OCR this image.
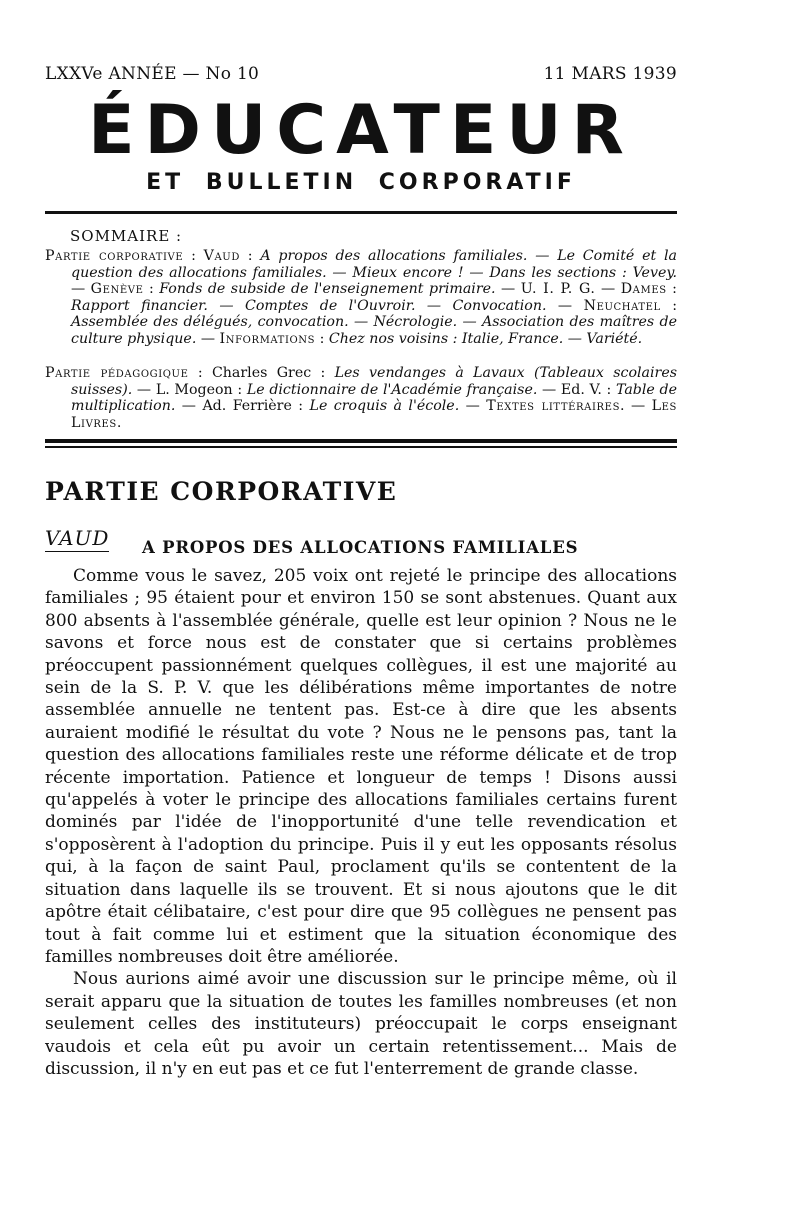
LXXVe ANNÉE — No 10	11 MARS 1939
ÉDUCATEUR
ET BULLETIN CORPORATIF
SOMMAIRE :

Partie corporative : Vaud : A propos des allocations familiales. — Le Comité et la question des allocations familiales. — Mieux encore ! — Dans les sections : Vevey. — Genève : Fonds de subside de l'enseignement primaire. — U. I. P. G. — Dames : Rapport financier. — Comptes de l'Ouvroir. — Convocation. — Neuchatel : Assemblée des délégués, convocation. — Nécrologie. — Association des maîtres de culture physique. — Informations : Chez nos voisins : Italie, France. — Variété.

Partie pédagogique : Charles Grec : Les vendanges à Lavaux (Tableaux scolaires suisses). — L. Mogeon : Le dictionnaire de l'Académie française. — Ed. V. : Table de multiplication. — Ad. Ferrière : Le croquis à l'école. — Textes littéraires. — Les Livres.

PARTIE CORPORATIVE
VAUD A PROPOS DES ALLOCATIONS FAMILIALES

Comme vous le savez, 205 voix ont rejeté le principe des allocations familiales ; 95 étaient pour et environ 150 se sont abstenues. Quant aux 800 absents à l'assemblée générale, quelle est leur opinion ? Nous ne le savons et force nous est de constater que si certains problèmes préoccupent passionnément quelques collègues, il est une majorité au sein de la S. P. V. que les délibérations même importantes de notre assemblée annuelle ne tentent pas. Est-ce à dire que les absents auraient modifié le résultat du vote ? Nous ne le pensons pas, tant la question des allocations familiales reste une réforme délicate et de trop récente importation. Patience et longueur de temps ! Disons aussi qu'appelés à voter le principe des allocations familiales certains furent dominés par l'idée de l'inopportunité d'une telle revendication et s'opposèrent à l'adoption du principe. Puis il y eut les opposants résolus qui, à la façon de saint Paul, proclament qu'ils se contentent de la situation dans laquelle ils se trouvent. Et si nous ajoutons que le dit apôtre était célibataire, c'est pour dire que 95 collègues ne pensent pas tout à fait comme lui et estiment que la situation économique des familles nombreuses doit être améliorée.

Nous aurions aimé avoir une discussion sur le principe même, où il serait apparu que la situation de toutes les familles nombreuses (et non seulement celles des instituteurs) préoccupait le corps enseignant vaudois et cela eût pu avoir un certain retentissement... Mais de discussion, il n'y en eut pas et ce fut l'enterrement de grande classe.
